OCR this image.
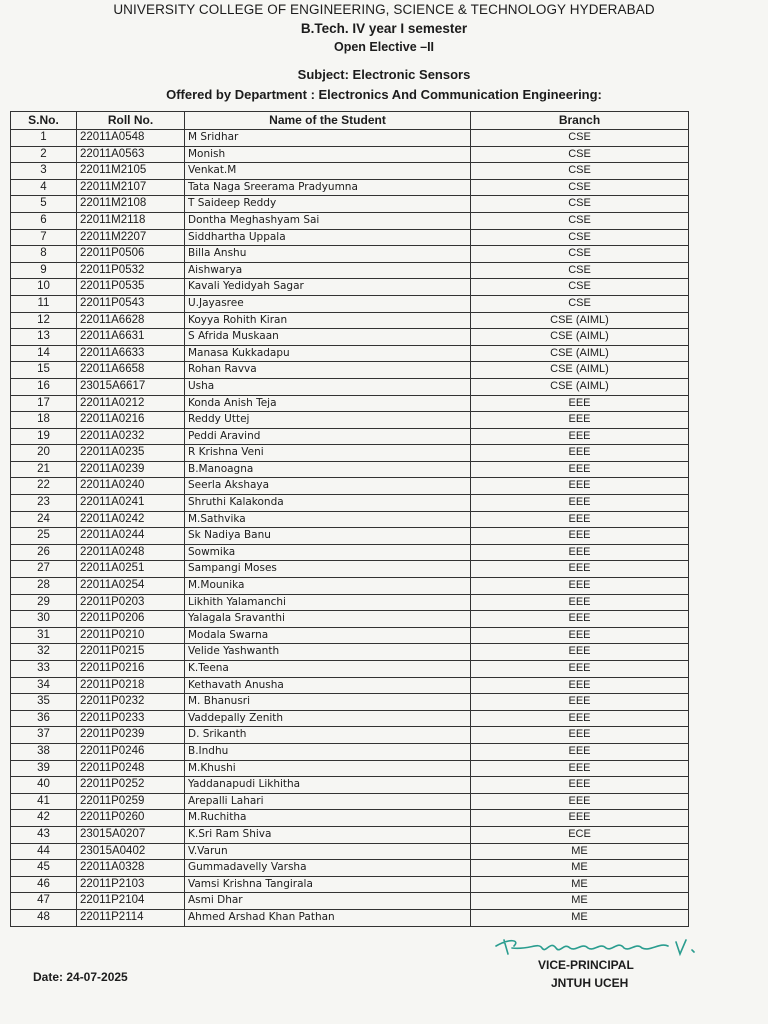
UNIVERSITY COLLEGE OF ENGINEERING, SCIENCE & TECHNOLOGY HYDERABAD
B.Tech. IV year I semester
Open Elective –II
Subject: Electronic Sensors
Offered by Department : Electronics And Communication Engineering:
S.No.	Roll No.	Name of the Student	Branch
1	22011A0548	M Sridhar	CSE
2	22011A0563	Monish	CSE
3	22011M2105	Venkat.M	CSE
4	22011M2107	Tata Naga Sreerama Pradyumna	CSE
5	22011M2108	T Saideep Reddy	CSE
6	22011M2118	Dontha Meghashyam Sai	CSE
7	22011M2207	Siddhartha Uppala	CSE
8	22011P0506	Billa Anshu	CSE
9	22011P0532	Aishwarya	CSE
10	22011P0535	Kavali Yedidyah Sagar	CSE
11	22011P0543	U.Jayasree	CSE
12	22011A6628	Koyya Rohith Kiran	CSE (AIML)
13	22011A6631	S Afrida Muskaan	CSE (AIML)
14	22011A6633	Manasa Kukkadapu	CSE (AIML)
15	22011A6658	Rohan Ravva	CSE (AIML)
16	23015A6617	Usha	CSE (AIML)
17	22011A0212	Konda Anish Teja	EEE
18	22011A0216	Reddy Uttej	EEE
19	22011A0232	Peddi Aravind	EEE
20	22011A0235	R Krishna Veni	EEE
21	22011A0239	B.Manoagna	EEE
22	22011A0240	Seerla Akshaya	EEE
23	22011A0241	Shruthi Kalakonda	EEE
24	22011A0242	M.Sathvika	EEE
25	22011A0244	Sk Nadiya Banu	EEE
26	22011A0248	Sowmika	EEE
27	22011A0251	Sampangi Moses	EEE
28	22011A0254	M.Mounika	EEE
29	22011P0203	Likhith Yalamanchi	EEE
30	22011P0206	Yalagala Sravanthi	EEE
31	22011P0210	Modala Swarna	EEE
32	22011P0215	Velide Yashwanth	EEE
33	22011P0216	K.Teena	EEE
34	22011P0218	Kethavath Anusha	EEE
35	22011P0232	M. Bhanusri	EEE
36	22011P0233	Vaddepally Zenith	EEE
37	22011P0239	D. Srikanth	EEE
38	22011P0246	B.Indhu	EEE
39	22011P0248	M.Khushi	EEE
40	22011P0252	Yaddanapudi Likhitha	EEE
41	22011P0259	Arepalli Lahari	EEE
42	22011P0260	M.Ruchitha	EEE
43	23015A0207	K.Sri Ram Shiva	ECE
44	23015A0402	V.Varun	ME
45	22011A0328	Gummadavelly Varsha	ME
46	22011P2103	Vamsi Krishna Tangirala	ME
47	22011P2104	Asmi Dhar	ME
48	22011P2114	Ahmed Arshad Khan Pathan	ME
Date: 24-07-2025
VICE-PRINCIPAL
JNTUH UCEH
